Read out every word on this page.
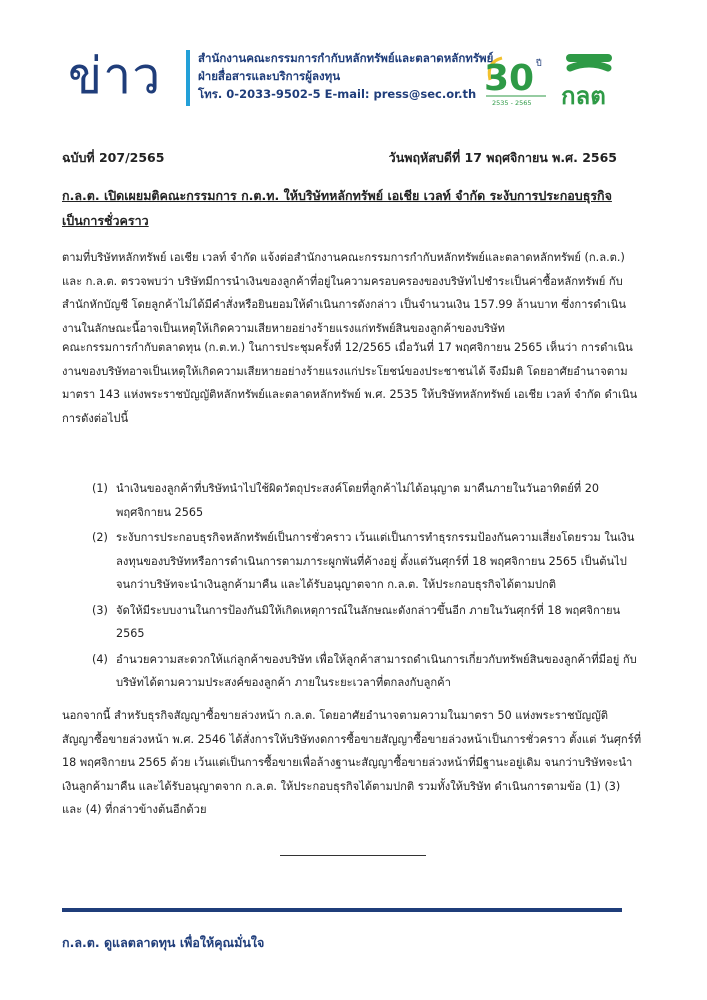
ข่าว	สำนักงานคณะกรรมการกำกับหลักทรัพย์และตลาดหลักทรัพย์
ฝ่ายสื่อสารและบริการผู้ลงทุน
โทร. 0-2033-9502-5 E-mail: press@sec.or.th 30 ปี
2535 - 2565 กลต
ฉบับที่ 207/2565	วันพฤหัสบดีที่ 17 พฤศจิกายน พ.ศ. 2565
ก.ล.ต. เปิดเผยมติคณะกรรมการ ก.ต.ท. ให้บริษัทหลักทรัพย์ เอเชีย เวลท์ จำกัด ระงับการประกอบธุรกิจ เป็นการชั่วคราว
ตามที่บริษัทหลักทรัพย์ เอเชีย เวลท์ จำกัด แจ้งต่อสำนักงานคณะกรรมการกำกับหลักทรัพย์และตลาดหลักทรัพย์ (ก.ล.ต.) และ ก.ล.ต. ตรวจพบว่า บริษัทมีการนำเงินของลูกค้าที่อยู่ในความครอบครองของบริษัทไปชำระเป็นค่าซื้อหลักทรัพย์ กับสำนักหักบัญชี โดยลูกค้าไม่ได้มีคำสั่งหรือยินยอมให้ดำเนินการดังกล่าว เป็นจำนวนเงิน 157.99 ล้านบาท ซึ่งการดำเนินงานในลักษณะนี้อาจเป็นเหตุให้เกิดความเสียหายอย่างร้ายแรงแก่ทรัพย์สินของลูกค้าของบริษัท
คณะกรรมการกำกับตลาดทุน (ก.ต.ท.) ในการประชุมครั้งที่ 12/2565 เมื่อวันที่ 17 พฤศจิกายน 2565 เห็นว่า การดำเนินงานของบริษัทอาจเป็นเหตุให้เกิดความเสียหายอย่างร้ายแรงแก่ประโยชน์ของประชาชนได้ จึงมีมติ โดยอาศัยอำนาจตามมาตรา 143 แห่งพระราชบัญญัติหลักทรัพย์และตลาดหลักทรัพย์ พ.ศ. 2535 ให้บริษัทหลักทรัพย์ เอเชีย เวลท์ จำกัด ดำเนินการดังต่อไปนี้
(1) นำเงินของลูกค้าที่บริษัทนำไปใช้ผิดวัตถุประสงค์โดยที่ลูกค้าไม่ได้อนุญาต มาคืนภายในวันอาทิตย์ที่ 20 พฤศจิกายน 2565
(2) ระงับการประกอบธุรกิจหลักทรัพย์เป็นการชั่วคราว เว้นแต่เป็นการทำธุรกรรมป้องกันความเสี่ยงโดยรวม ในเงินลงทุนของบริษัทหรือการดำเนินการตามภาระผูกพันที่ค้างอยู่ ตั้งแต่วันศุกร์ที่ 18 พฤศจิกายน 2565 เป็นต้นไป จนกว่าบริษัทจะนำเงินลูกค้ามาคืน และได้รับอนุญาตจาก ก.ล.ต. ให้ประกอบธุรกิจได้ตามปกติ
(3) จัดให้มีระบบงานในการป้องกันมิให้เกิดเหตุการณ์ในลักษณะดังกล่าวขึ้นอีก ภายในวันศุกร์ที่ 18 พฤศจิกายน 2565
(4) อำนวยความสะดวกให้แก่ลูกค้าของบริษัท เพื่อให้ลูกค้าสามารถดำเนินการเกี่ยวกับทรัพย์สินของลูกค้าที่มีอยู่ กับบริษัทได้ตามความประสงค์ของลูกค้า ภายในระยะเวลาที่ตกลงกับลูกค้า
นอกจากนี้ สำหรับธุรกิจสัญญาซื้อขายล่วงหน้า ก.ล.ต. โดยอาศัยอำนาจตามความในมาตรา 50 แห่งพระราชบัญญัติ สัญญาซื้อขายล่วงหน้า พ.ศ. 2546 ได้สั่งการให้บริษัทงดการซื้อขายสัญญาซื้อขายล่วงหน้าเป็นการชั่วคราว ตั้งแต่ วันศุกร์ที่ 18 พฤศจิกายน 2565 ด้วย เว้นแต่เป็นการซื้อขายเพื่อล้างฐานะสัญญาซื้อขายล่วงหน้าที่มีฐานะอยู่เดิม จนกว่าบริษัทจะนำเงินลูกค้ามาคืน และได้รับอนุญาตจาก ก.ล.ต. ให้ประกอบธุรกิจได้ตามปกติ รวมทั้งให้บริษัท ดำเนินการตามข้อ (1) (3) และ (4) ที่กล่าวข้างต้นอีกด้วย
ก.ล.ต. ดูแลตลาดทุน เพื่อให้คุณมั่นใจ
